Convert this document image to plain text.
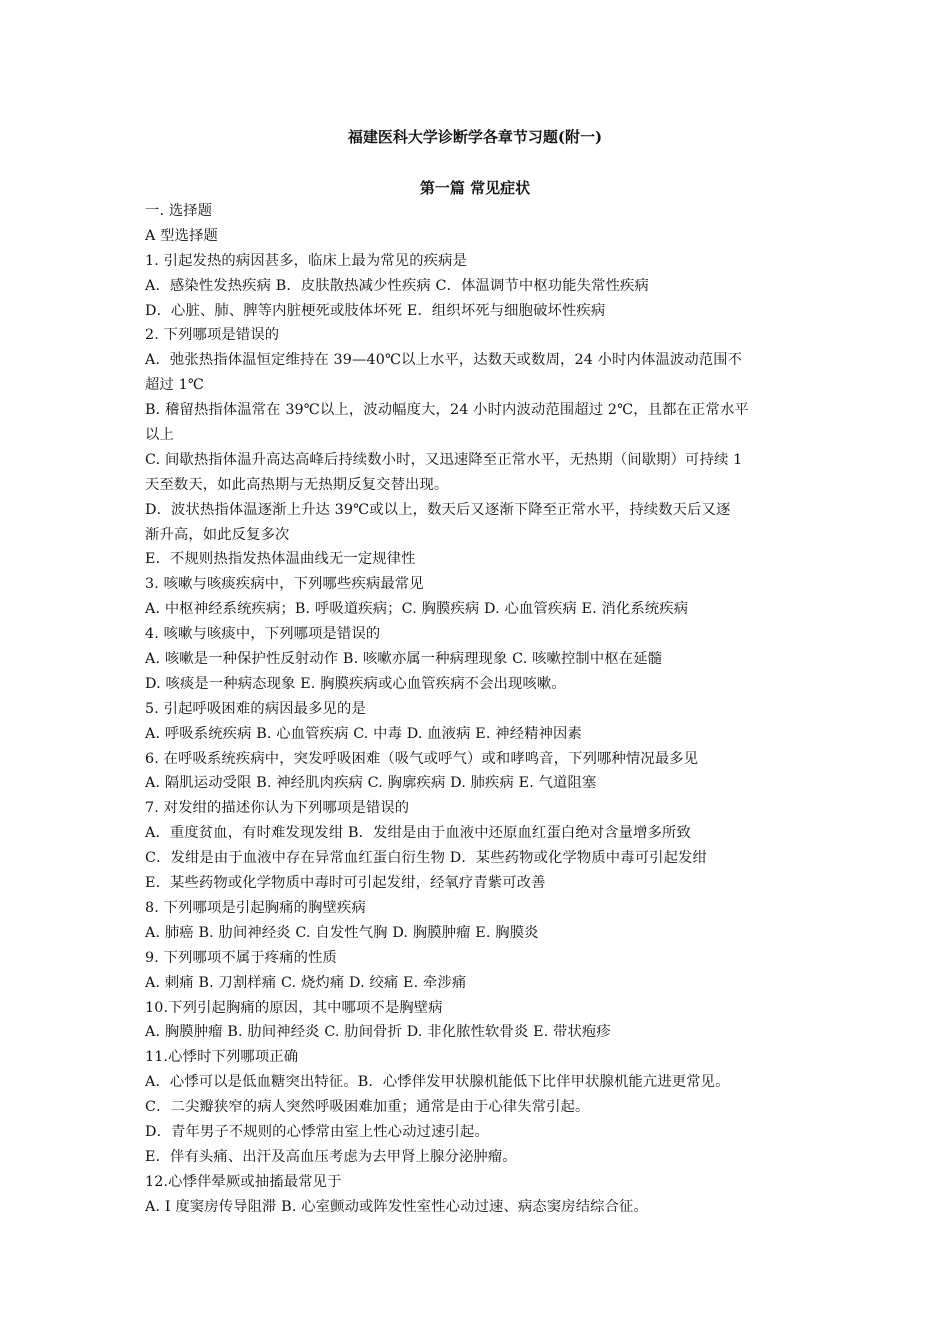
福建医科大学诊断学各章节习题(附一)
第一篇 常见症状
一. 选择题
A 型选择题
1. 引起发热的病因甚多，临床上最为常见的疾病是
A．感染性发热疾病 B．皮肤散热减少性疾病 C．体温调节中枢功能失常性疾病
D．心脏、肺、脾等内脏梗死或肢体坏死 E．组织坏死与细胞破坏性疾病
2. 下列哪项是错误的
A．弛张热指体温恒定维持在 39—40℃以上水平，达数天或数周，24 小时内体温波动范围不
超过 1℃
B. 稽留热指体温常在 39℃以上，波动幅度大，24 小时内波动范围超过 2℃，且都在正常水平
以上
C. 间歇热指体温升高达高峰后持续数小时，又迅速降至正常水平，无热期（间歇期）可持续 1
天至数天，如此高热期与无热期反复交替出现。
D．波状热指体温逐渐上升达 39℃或以上，数天后又逐渐下降至正常水平，持续数天后又逐
渐升高，如此反复多次
E．不规则热指发热体温曲线无一定规律性
3. 咳嗽与咳痰疾病中，下列哪些疾病最常见
A. 中枢神经系统疾病；B. 呼吸道疾病；C. 胸膜疾病 D. 心血管疾病 E. 消化系统疾病
4. 咳嗽与咳痰中，下列哪项是错误的
A. 咳嗽是一种保护性反射动作 B. 咳嗽亦属一种病理现象 C. 咳嗽控制中枢在延髓
D. 咳痰是一种病态现象 E. 胸膜疾病或心血管疾病不会出现咳嗽。
5. 引起呼吸困难的病因最多见的是
A. 呼吸系统疾病 B. 心血管疾病 C. 中毒 D. 血液病 E. 神经精神因素
6. 在呼吸系统疾病中，突发呼吸困难（吸气或呼气）或和哮鸣音，下列哪种情况最多见
A. 隔肌运动受限 B. 神经肌肉疾病 C. 胸廓疾病 D. 肺疾病 E. 气道阻塞
7. 对发绀的描述你认为下列哪项是错误的
A．重度贫血，有时难发现发绀 B．发绀是由于血液中还原血红蛋白绝对含量增多所致
C．发绀是由于血液中存在异常血红蛋白衍生物 D．某些药物或化学物质中毒可引起发绀
E．某些药物或化学物质中毒时可引起发绀，经氧疗青紫可改善
8. 下列哪项是引起胸痛的胸壁疾病
A. 肺癌 B. 肋间神经炎 C. 自发性气胸 D. 胸膜肿瘤 E. 胸膜炎
9. 下列哪项不属于疼痛的性质
A. 刺痛 B. 刀割样痛 C. 烧灼痛 D. 绞痛 E. 牵涉痛
10.下列引起胸痛的原因，其中哪项不是胸壁病
A. 胸膜肿瘤 B. 肋间神经炎 C. 肋间骨折 D. 非化脓性软骨炎 E. 带状疱疹
11.心悸时下列哪项正确
A．心悸可以是低血糖突出特征。B．心悸伴发甲状腺机能低下比伴甲状腺机能亢进更常见。
C．二尖瓣狭窄的病人突然呼吸困难加重；通常是由于心律失常引起。
D．青年男子不规则的心悸常由室上性心动过速引起。
E．伴有头痛、出汗及高血压考虑为去甲肾上腺分泌肿瘤。
12.心悸伴晕厥或抽搐最常见于
A. I 度窦房传导阻滞 B. 心室颤动或阵发性室性心动过速、病态窦房结综合征。
